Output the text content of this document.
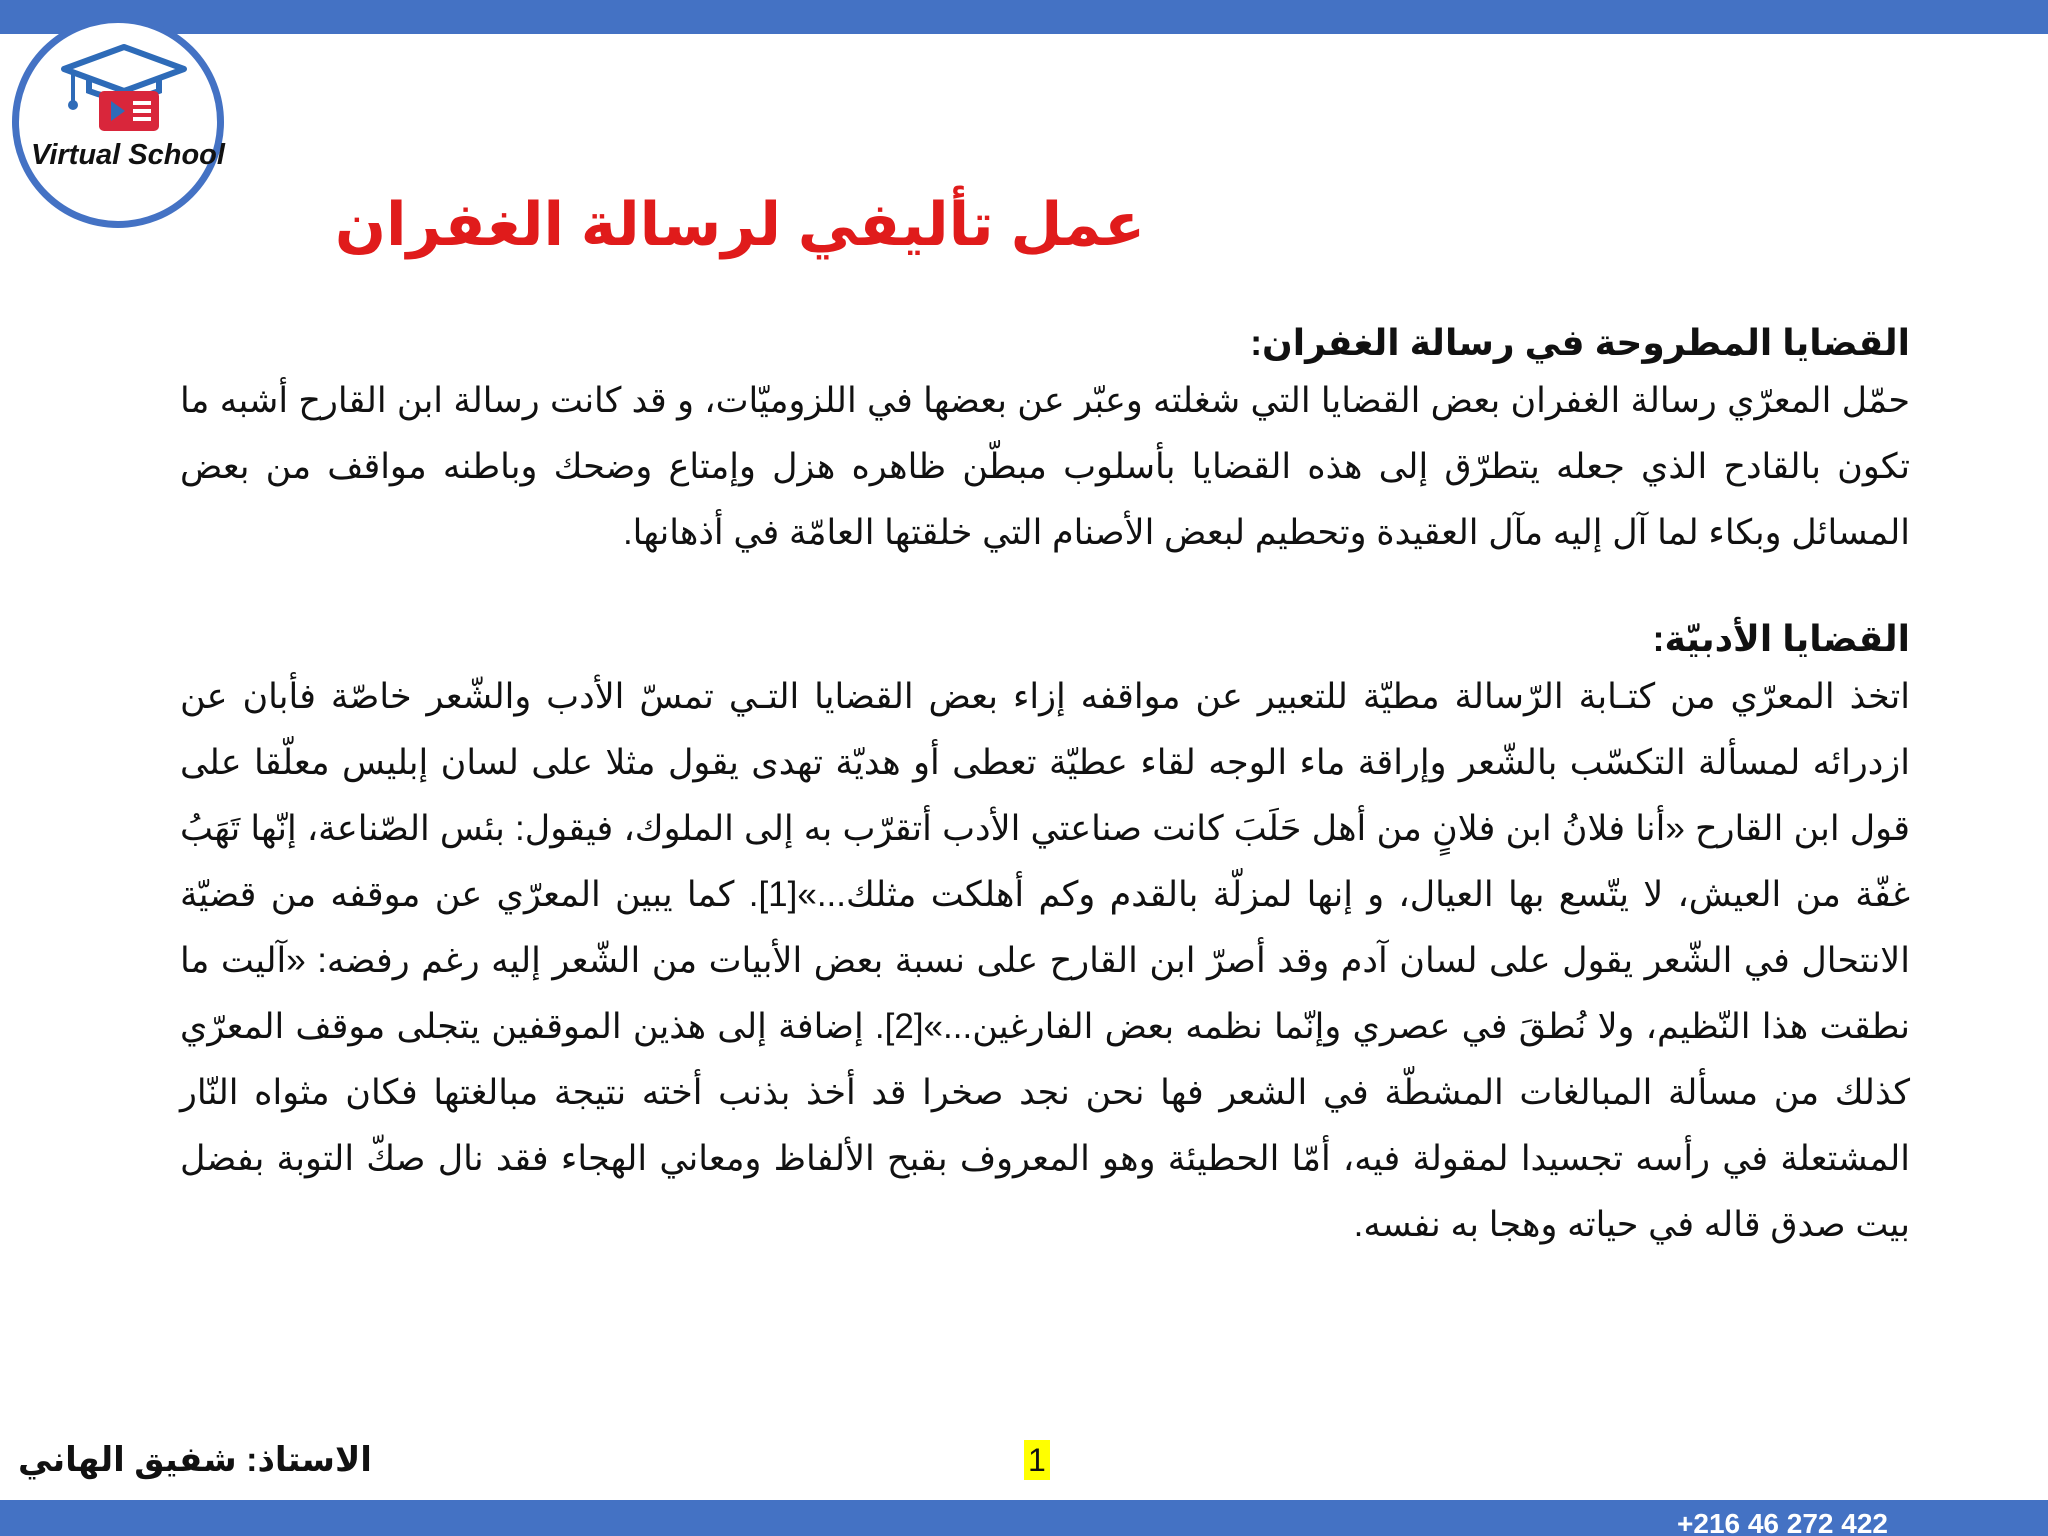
Virtual School
عمل تأليفي لرسالة الغفران

القضايا المطروحة في رسالة الغفران:

حمّل المعرّي رسالة الغفران بعض القضايا التي شغلته وعبّر عن بعضها في اللزوميّات، و قد كانت رسالة ابن القارح أشبه ما تكون بالقادح الذي جعله يتطرّق إلى هذه القضايا بأسلوب مبطّن ظاهره هزل وإمتاع وضحك وباطنه مواقف من بعض المسائل وبكاء لما آل إليه مآل العقيدة وتحطيم لبعض الأصنام التي خلقتها العامّة في أذهانها.

القضايا الأدبيّة:

اتخذ المعرّي من كتـابة الرّسالة مطيّة للتعبير عن مواقفه إزاء بعض القضايا التـي تمسّ الأدب والشّعر خاصّة فأبان عن ازدرائه لمسألة التكسّب بالشّعر وإراقة ماء الوجه لقاء عطيّة تعطى أو هديّة تهدى يقول مثلا على لسان إبليس معلّقا على قول ابن القارح «أنا فلانُ ابن فلانٍ من أهل حَلَبَ كانت صناعتي الأدب أتقرّب به إلى الملوك، فيقول: بئس الصّناعة، إنّها تَهَبُ غفّة من العيش، لا يتّسع بها العيال، و إنها لمزلّة بالقدم وكم أهلكت مثلك...»[1]. كما يبين المعرّي عن موقفه من قضيّة الانتحال في الشّعر يقول على لسان آدم وقد أصرّ ابن القارح على نسبة بعض الأبيات من الشّعر إليه رغم رفضه: «آليت ما نطقت هذا النّظيم، ولا نُطقَ في عصري وإنّما نظمه بعض الفارغين...»[2]. إضافة إلى هذين الموقفين يتجلى موقف المعرّي كذلك من مسألة المبالغات المشطّة في الشعر فها نحن نجد صخرا قد أخذ بذنب أخته نتيجة مبالغتها فكان مثواه النّار المشتعلة في رأسه تجسيدا لمقولة فيه، أمّا الحطيئة وهو المعروف بقبح الألفاظ ومعاني الهجاء فقد نال صكّ التوبة بفضل بيت صدق قاله في حياته وهجا به نفسه.

الاستاذ: شفيق الهاني	1
+216 46 272 422
